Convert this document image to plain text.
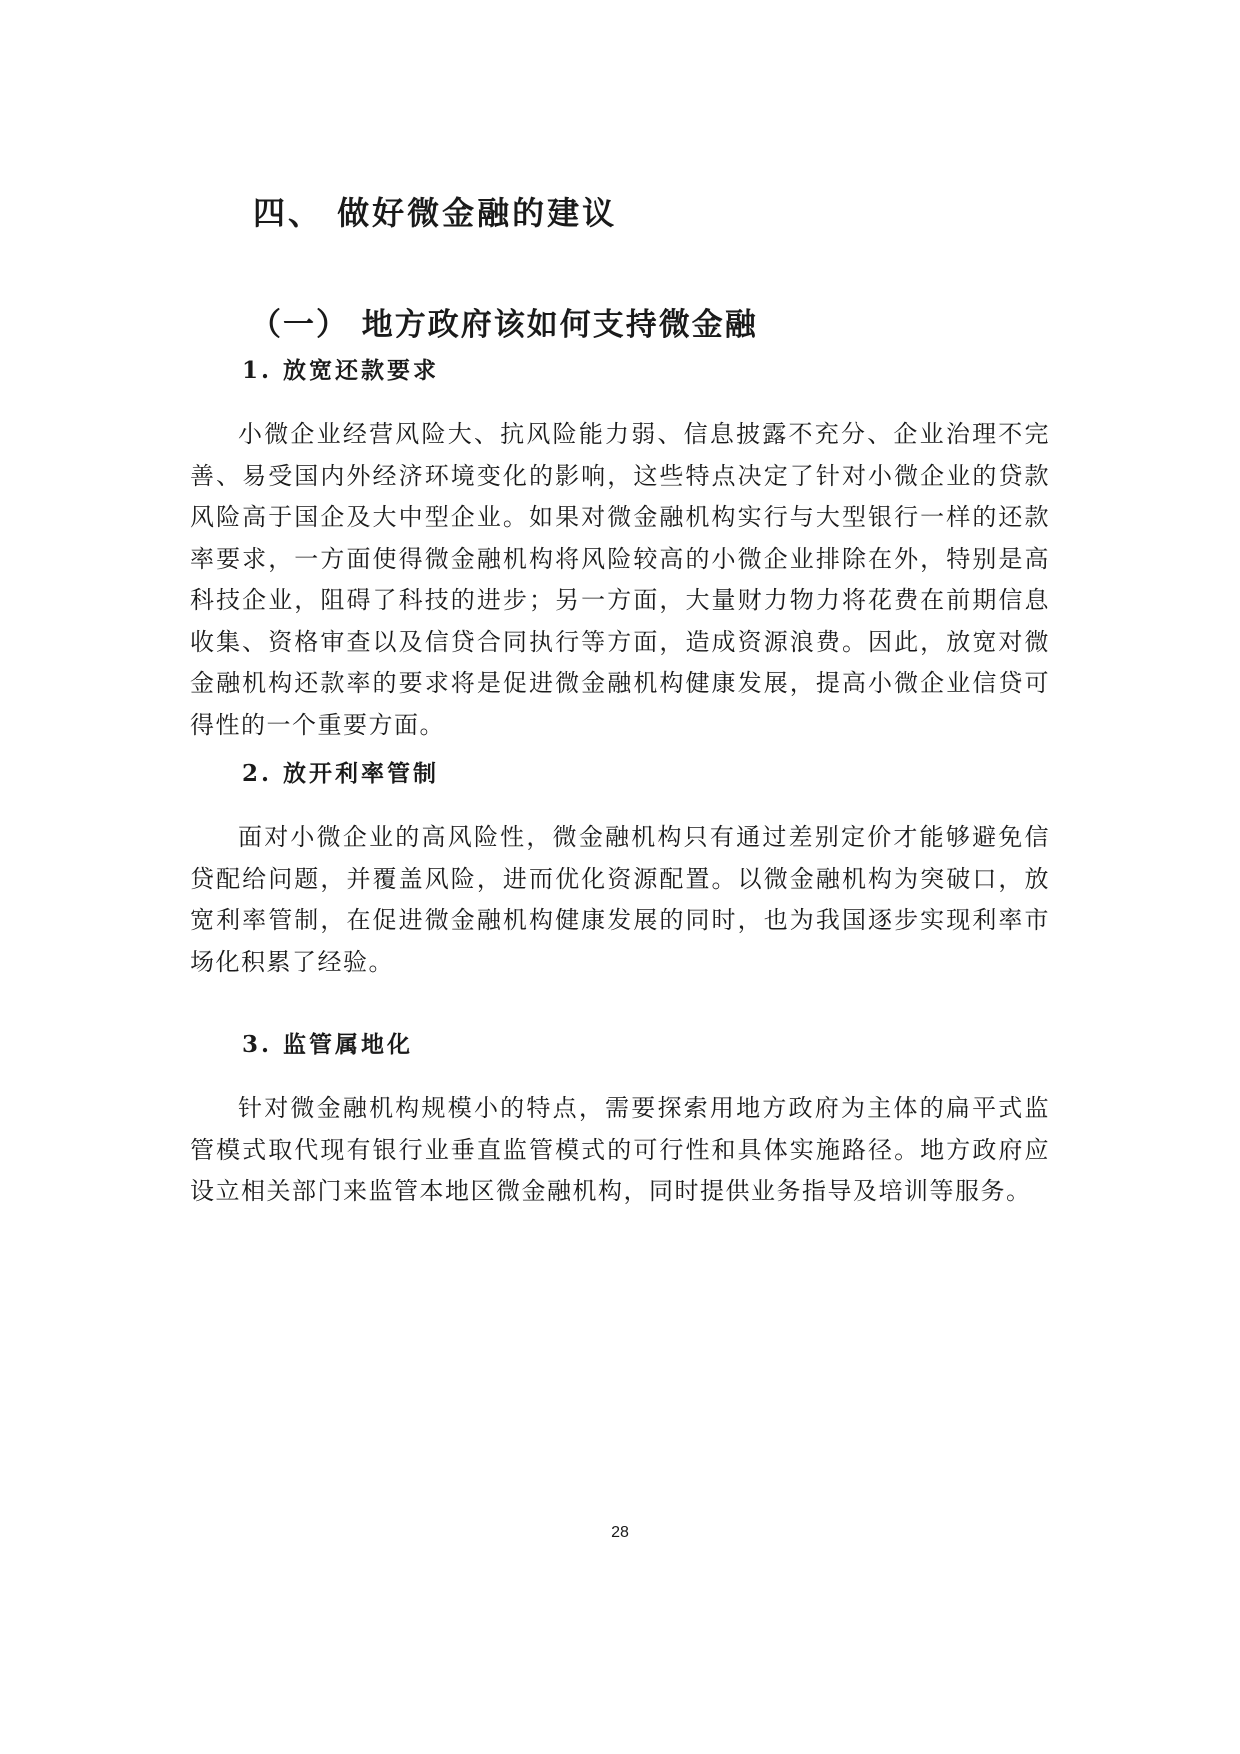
四、 做好微金融的建议
（一） 地方政府该如何支持微金融
1. 放宽还款要求

小微企业经营风险大、抗风险能力弱、信息披露不充分、企业治理不完善、易受国内外经济环境变化的影响，这些特点决定了针对小微企业的贷款风险高于国企及大中型企业。如果对微金融机构实行与大型银行一样的还款率要求，一方面使得微金融机构将风险较高的小微企业排除在外，特别是高科技企业，阻碍了科技的进步；另一方面，大量财力物力将花费在前期信息收集、资格审查以及信贷合同执行等方面，造成资源浪费。因此，放宽对微金融机构还款率的要求将是促进微金融机构健康发展，提高小微企业信贷可得性的一个重要方面。

2. 放开利率管制

面对小微企业的高风险性，微金融机构只有通过差别定价才能够避免信贷配给问题，并覆盖风险，进而优化资源配置。以微金融机构为突破口，放宽利率管制，在促进微金融机构健康发展的同时，也为我国逐步实现利率市场化积累了经验。

3. 监管属地化

针对微金融机构规模小的特点，需要探索用地方政府为主体的扁平式监管模式取代现有银行业垂直监管模式的可行性和具体实施路径。地方政府应设立相关部门来监管本地区微金融机构，同时提供业务指导及培训等服务。

28
